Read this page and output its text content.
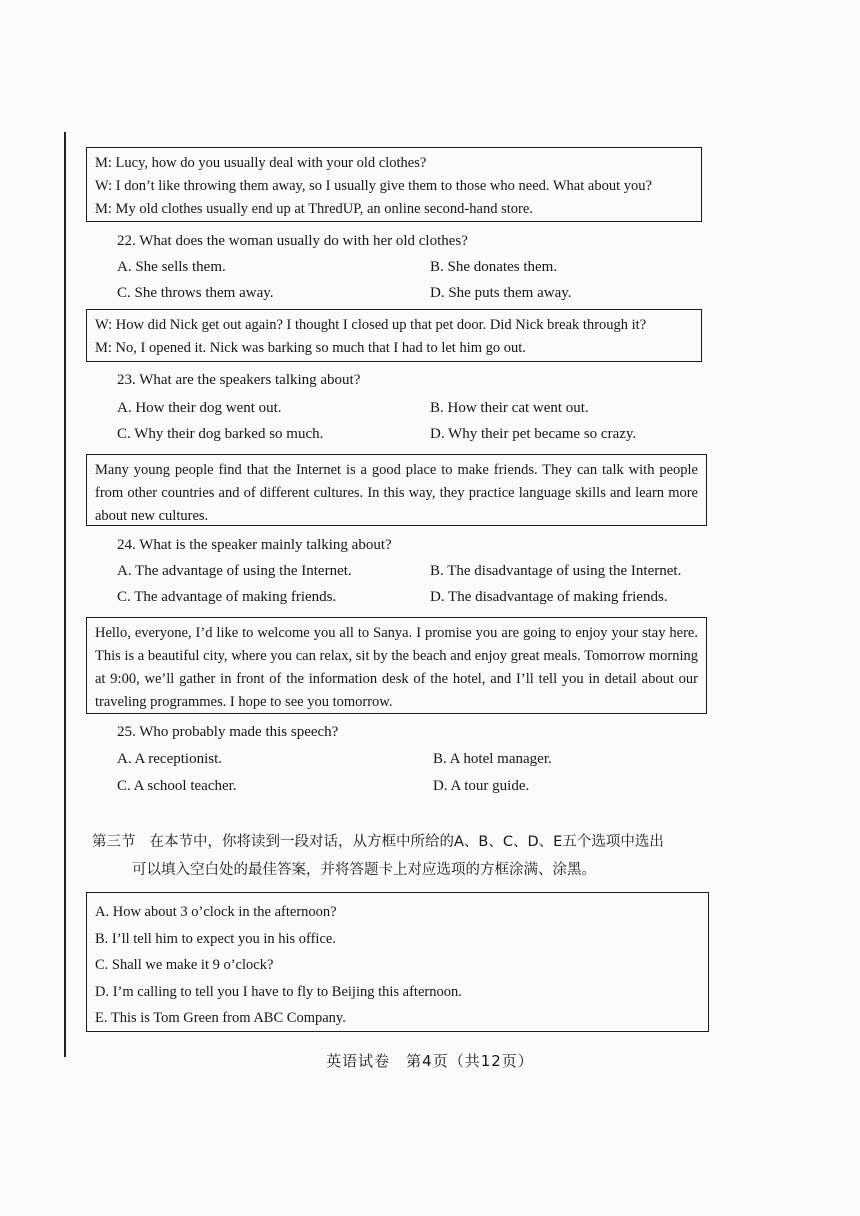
M: Lucy, how do you usually deal with your old clothes?
W: I don’t like throwing them away, so I usually give them to those who need. What about you?
M: My old clothes usually end up at ThredUP, an online second-hand store.
22. What does the woman usually do with her old clothes?
A. She sells them.	B. She donates them.
C. She throws them away.	D. She puts them away.
W: How did Nick get out again? I thought I closed up that pet door. Did Nick break through it?
M: No, I opened it. Nick was barking so much that I had to let him go out.
23. What are the speakers talking about?
A. How their dog went out.	B. How their cat went out.
C. Why their dog barked so much.	D. Why their pet became so crazy.

Many young people find that the Internet is a good place to make friends. They can talk with people from other countries and of different cultures. In this way, they practice language skills and learn more about new cultures.

24. What is the speaker mainly talking about?
A. The advantage of using the Internet.	B. The disadvantage of using the Internet.
C. The advantage of making friends.	D. The disadvantage of making friends.

Hello, everyone, I’d like to welcome you all to Sanya. I promise you are going to enjoy your stay here. This is a beautiful city, where you can relax, sit by the beach and enjoy great meals. Tomorrow morning at 9:00, we’ll gather in front of the information desk of the hotel, and I’ll tell you in detail about our traveling programmes. I hope to see you tomorrow.

25. Who probably made this speech?
A. A receptionist.	B. A hotel manager.
C. A school teacher.	D. A tour guide.
第三节 在本节中，你将读到一段对话，从方框中所给的A、B、C、D、E五个选项中选出
可以填入空白处的最佳答案，并将答题卡上对应选项的方框涂满、涂黑。
A. How about 3 o’clock in the afternoon?
B. I’ll tell him to expect you in his office.
C. Shall we make it 9 o’clock?
D. I’m calling to tell you I have to fly to Beijing this afternoon.
E. This is Tom Green from ABC Company.
英语试卷　第4页（共12页）
